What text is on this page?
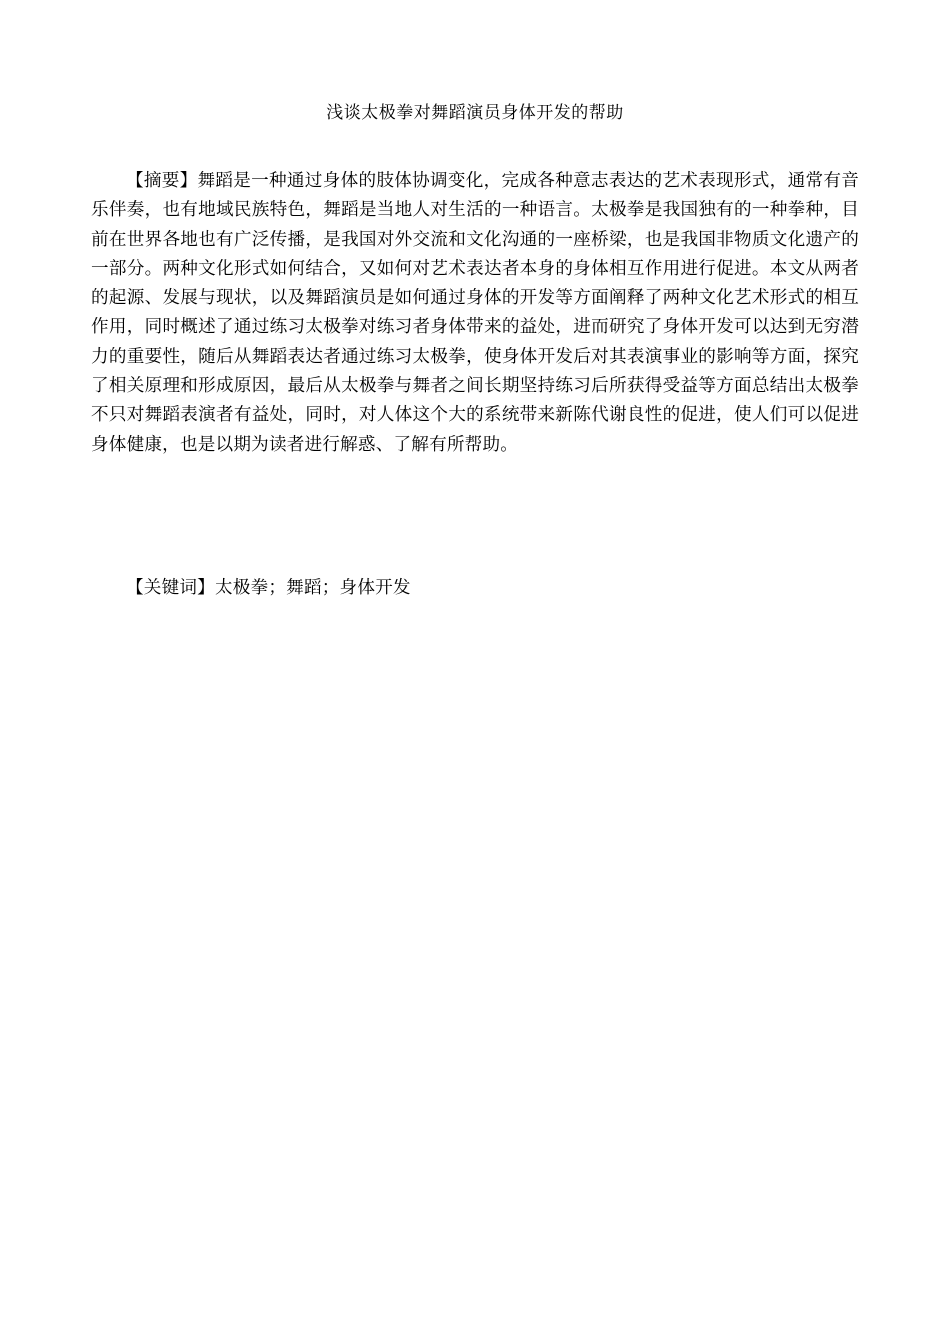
浅谈太极拳对舞蹈演员身体开发的帮助

【摘要】舞蹈是一种通过身体的肢体协调变化，完成各种意志表达的艺术表现形式，通常有音乐伴奏，也有地域民族特色，舞蹈是当地人对生活的一种语言。太极拳是我国独有的一种拳种，目前在世界各地也有广泛传播，是我国对外交流和文化沟通的一座桥梁，也是我国非物质文化遗产的一部分。两种文化形式如何结合，又如何对艺术表达者本身的身体相互作用进行促进。本文从两者的起源、发展与现状，以及舞蹈演员是如何通过身体的开发等方面阐释了两种文化艺术形式的相互作用，同时概述了通过练习太极拳对练习者身体带来的益处，进而研究了身体开发可以达到无穷潜力的重要性，随后从舞蹈表达者通过练习太极拳，使身体开发后对其表演事业的影响等方面，探究了相关原理和形成原因，最后从太极拳与舞者之间长期坚持练习后所获得受益等方面总结出太极拳不只对舞蹈表演者有益处，同时，对人体这个大的系统带来新陈代谢良性的促进，使人们可以促进身体健康，也是以期为读者进行解惑、了解有所帮助。

【关键词】太极拳；舞蹈；身体开发
